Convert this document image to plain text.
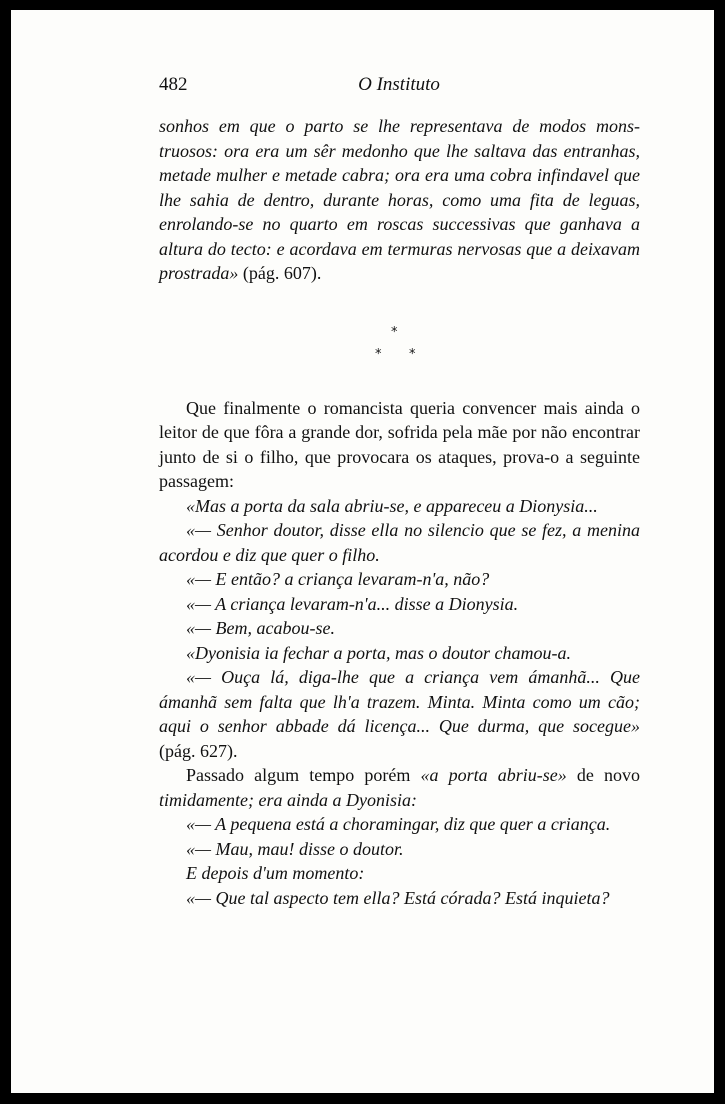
482	O Instituto

sonhos em que o parto se lhe representava de modos mons-truosos: ora era um sêr medonho que lhe saltava das entranhas, metade mulher e metade cabra; ora era uma cobra infindavel que lhe sahia de dentro, durante horas, como uma fita de leguas, enrolando-se no quarto em roscas successivas que ganhava a altura do tecto: e acordava em termuras nervosas que a deixavam prostrada» (pág. 607).

*
* *

Que finalmente o romancista queria convencer mais ainda o leitor de que fôra a grande dor, sofrida pela mãe por não encontrar junto de si o filho, que provocara os ataques, prova-o a seguinte passagem:

«Mas a porta da sala abriu-se, e appareceu a Dionysia...

«— Senhor doutor, disse ella no silencio que se fez, a menina acordou e diz que quer o filho.

«— E então? a criança levaram-n'a, não?

«— A criança levaram-n'a... disse a Dionysia.

«— Bem, acabou-se.

«Dyonisia ia fechar a porta, mas o doutor chamou-a.

«— Ouça lá, diga-lhe que a criança vem ámanhã... Que ámanhã sem falta que lh'a trazem. Minta. Minta como um cão; aqui o senhor abbade dá licença... Que durma, que socegue» (pág. 627).

Passado algum tempo porém «a porta abriu-se» de novo timidamente; era ainda a Dyonisia:

«— A pequena está a choramingar, diz que quer a criança.

«— Mau, mau! disse o doutor.

E depois d'um momento:

«— Que tal aspecto tem ella? Está córada? Está inquieta?
